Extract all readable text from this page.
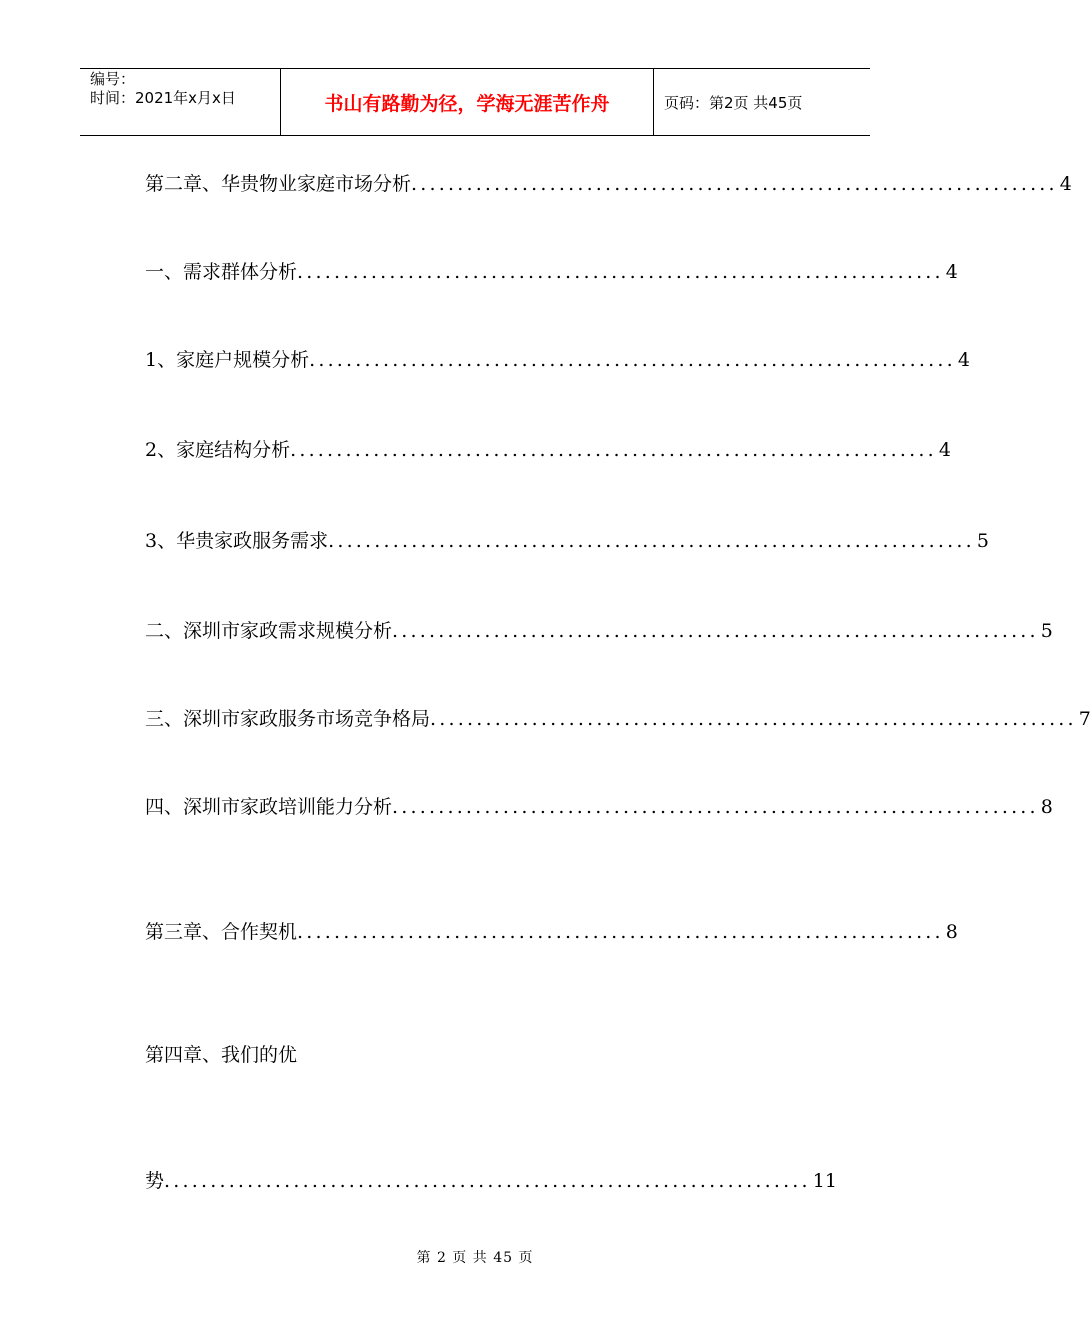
编号：
时间：2021年x月x日	书山有路勤为径，学海无涯苦作舟	页码：第2页 共45页
第二章、华贵物业家庭市场分析 ...................................................................... 4
一、需求群体分析 ...................................................................... 4
1、家庭户规模分析 ...................................................................... 4
2、家庭结构分析 ...................................................................... 4
3、华贵家政服务需求 ...................................................................... 5
二、深圳市家政需求规模分析 ...................................................................... 5
三、深圳市家政服务市场竞争格局 ...................................................................... 7
四、深圳市家政培训能力分析 ...................................................................... 8
第三章、合作契机 ...................................................................... 8
第四章、我们的优
势 ...................................................................... 11
第 2 页 共 45 页
